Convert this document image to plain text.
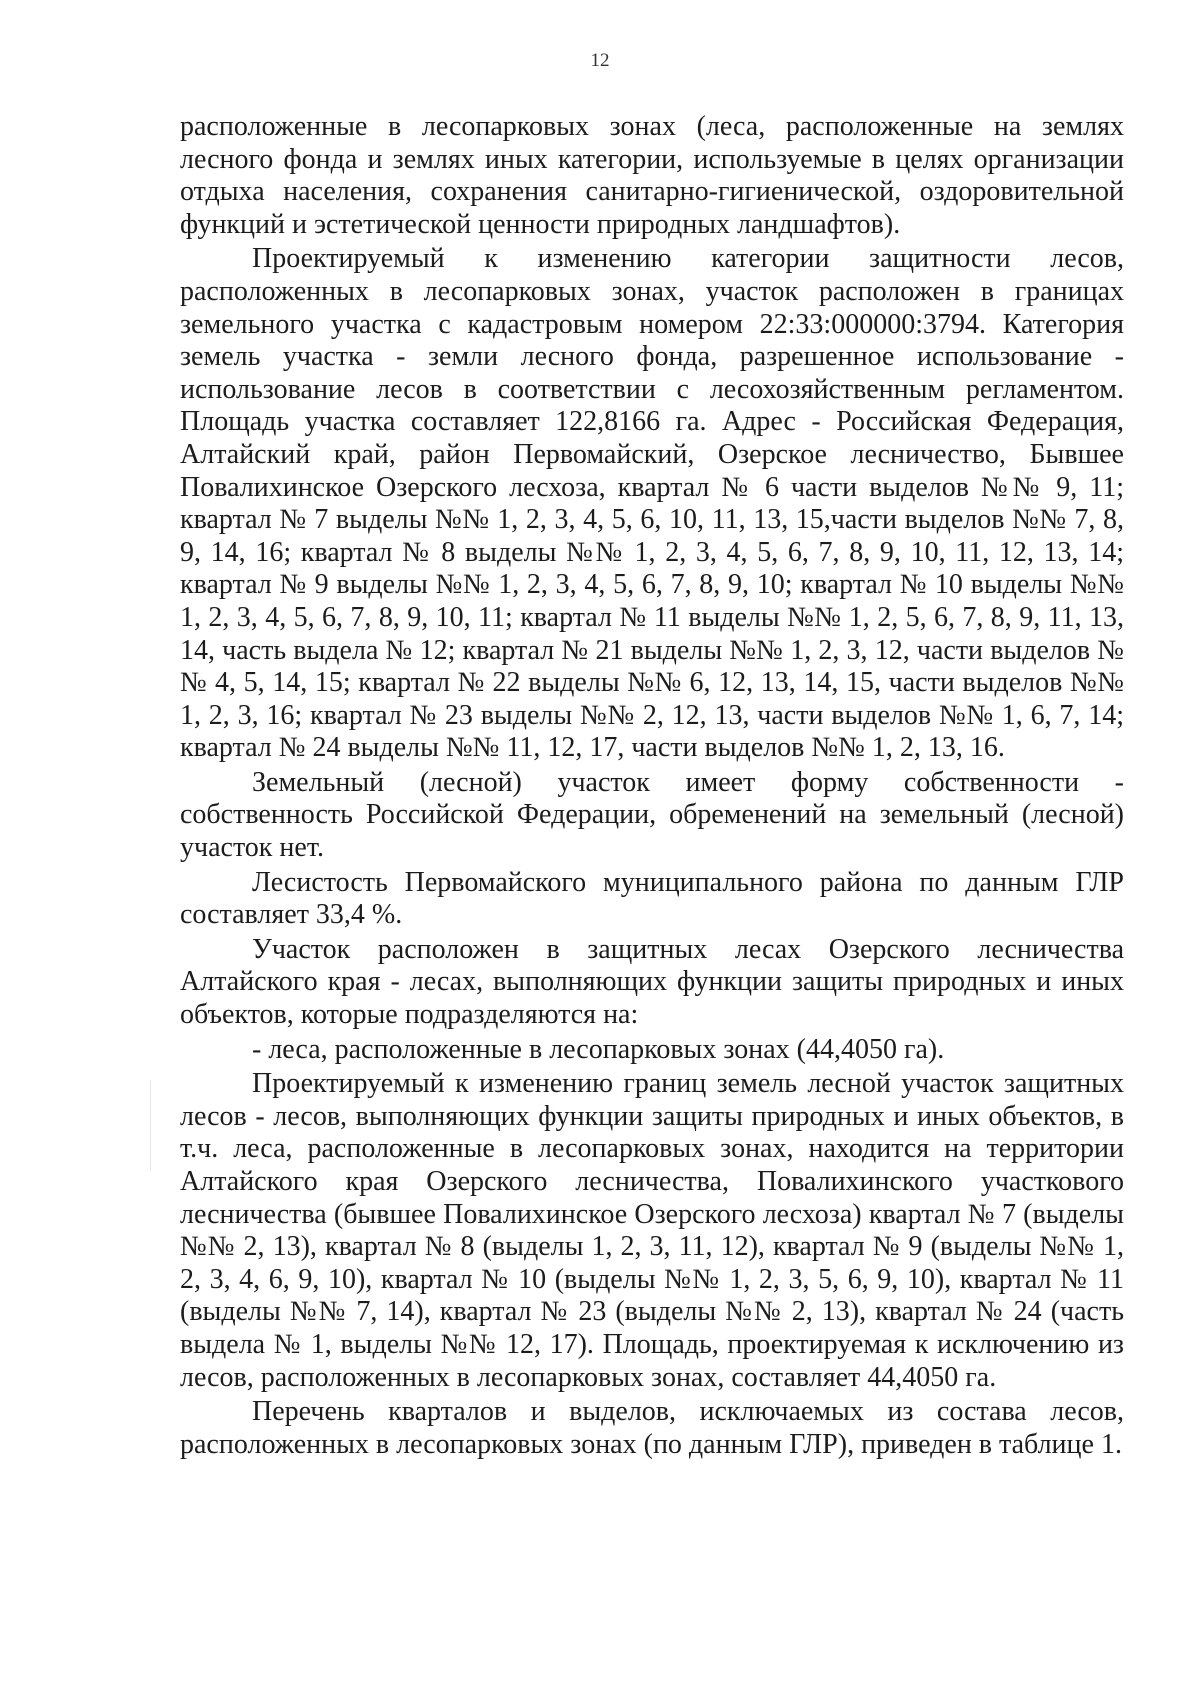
12

расположенные в лесопарковых зонах (леса, расположенные на землях лесного фонда и землях иных категории, используемые в целях организации отдыха населения, сохранения санитарно-гигиенической, оздоровительной функций и эстетической ценности природных ландшафтов).

Проектируемый к изменению категории защитности лесов, расположенных в лесопарковых зонах, участок расположен в границах земельного участка с кадастровым номером 22:33:000000:3794. Категория земель участка - земли лесного фонда, разрешенное использование - использование лесов в соответствии с лесохозяйственным регламентом. Площадь участка составляет 122,8166 га. Адрес - Российская Федерация, Алтайский край, район Первомайский, Озерское лесничество, Бывшее Повалихинское Озерского лесхоза, квартал № 6 части выделов №№ 9, 11; квартал № 7 выделы №№ 1, 2, 3, 4, 5, 6, 10, 11, 13, 15,части выделов №№ 7, 8, 9, 14, 16; квартал № 8 выделы №№ 1, 2, 3, 4, 5, 6, 7, 8, 9, 10, 11, 12, 13, 14; квартал № 9 выделы №№ 1, 2, 3, 4, 5, 6, 7, 8, 9, 10; квартал № 10 выделы №№ 1, 2, 3, 4, 5, 6, 7, 8, 9, 10, 11; квартал № 11 выделы №№ 1, 2, 5, 6, 7, 8, 9, 11, 13, 14, часть выдела № 12; квартал № 21 выделы №№ 1, 2, 3, 12, части выделов №№ 4, 5, 14, 15; квартал № 22 выделы №№ 6, 12, 13, 14, 15, части выделов №№ 1, 2, 3, 16; квартал № 23 выделы №№ 2, 12, 13, части выделов №№ 1, 6, 7, 14; квартал № 24 выделы №№ 11, 12, 17, части выделов №№ 1, 2, 13, 16.

Земельный (лесной) участок имеет форму собственности - собственность Российской Федерации, обременений на земельный (лесной) участок нет.

Лесистость Первомайского муниципального района по данным ГЛР составляет 33,4 %.

Участок расположен в защитных лесах Озерского лесничества Алтайского края - лесах, выполняющих функции защиты природных и иных объектов, которые подразделяются на:

- леса, расположенные в лесопарковых зонах (44,4050 га).

Проектируемый к изменению границ земель лесной участок защитных лесов - лесов, выполняющих функции защиты природных и иных объектов, в т.ч. леса, расположенные в лесопарковых зонах, находится на территории Алтайского края Озерского лесничества, Повалихинского участкового лесничества (бывшее Повалихинское Озерского лесхоза) квартал № 7 (выделы №№ 2, 13), квартал № 8 (выделы 1, 2, 3, 11, 12), квартал № 9 (выделы №№ 1, 2, 3, 4, 6, 9, 10), квартал № 10 (выделы №№ 1, 2, 3, 5, 6, 9, 10), квартал № 11 (выделы №№ 7, 14), квартал № 23 (выделы №№ 2, 13), квартал № 24 (часть выдела № 1, выделы №№ 12, 17). Площадь, проектируемая к исключению из лесов, расположенных в лесопарковых зонах, составляет 44,4050 га.

Перечень кварталов и выделов, исключаемых из состава лесов, расположенных в лесопарковых зонах (по данным ГЛР), приведен в таблице 1.
